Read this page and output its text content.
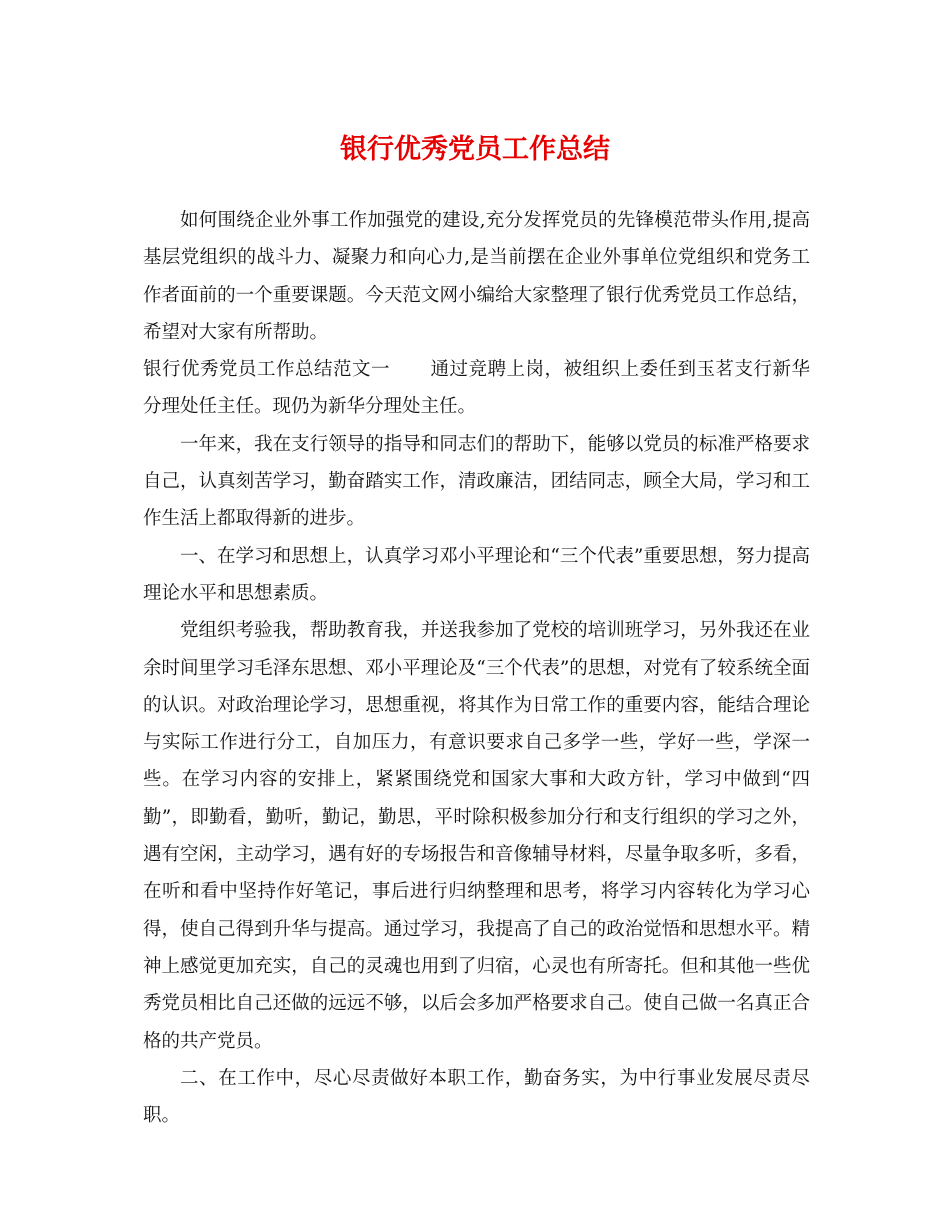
银行优秀党员工作总结

如何围绕企业外事工作加强党的建设,充分发挥党员的先锋模范带头作用,提高基层党组织的战斗力、凝聚力和向心力,是当前摆在企业外事单位党组织和党务工作者面前的一个重要课题。今天范文网小编给大家整理了银行优秀党员工作总结，希望对大家有所帮助。

银行优秀党员工作总结范文一 通过竞聘上岗，被组织上委任到玉茗支行新华分理处任主任。现仍为新华分理处主任。

一年来，我在支行领导的指导和同志们的帮助下，能够以党员的标准严格要求自己，认真刻苦学习，勤奋踏实工作，清政廉洁，团结同志，顾全大局，学习和工作生活上都取得新的进步。

一、在学习和思想上，认真学习邓小平理论和“三个代表”重要思想，努力提高理论水平和思想素质。

党组织考验我，帮助教育我，并送我参加了党校的培训班学习，另外我还在业余时间里学习毛泽东思想、邓小平理论及“三个代表”的思想，对党有了较系统全面的认识。对政治理论学习，思想重视，将其作为日常工作的重要内容，能结合理论与实际工作进行分工，自加压力，有意识要求自己多学一些，学好一些，学深一些。在学习内容的安排上，紧紧围绕党和国家大事和大政方针，学习中做到“四勤”，即勤看，勤听，勤记，勤思，平时除积极参加分行和支行组织的学习之外，遇有空闲，主动学习，遇有好的专场报告和音像辅导材料，尽量争取多听，多看，在听和看中坚持作好笔记，事后进行归纳整理和思考，将学习内容转化为学习心得，使自己得到升华与提高。通过学习，我提高了自己的政治觉悟和思想水平。精神上感觉更加充实，自己的灵魂也用到了归宿，心灵也有所寄托。但和其他一些优秀党员相比自己还做的远远不够，以后会多加严格要求自己。使自己做一名真正合格的共产党员。

二、在工作中，尽心尽责做好本职工作，勤奋务实，为中行事业发展尽责尽职。
